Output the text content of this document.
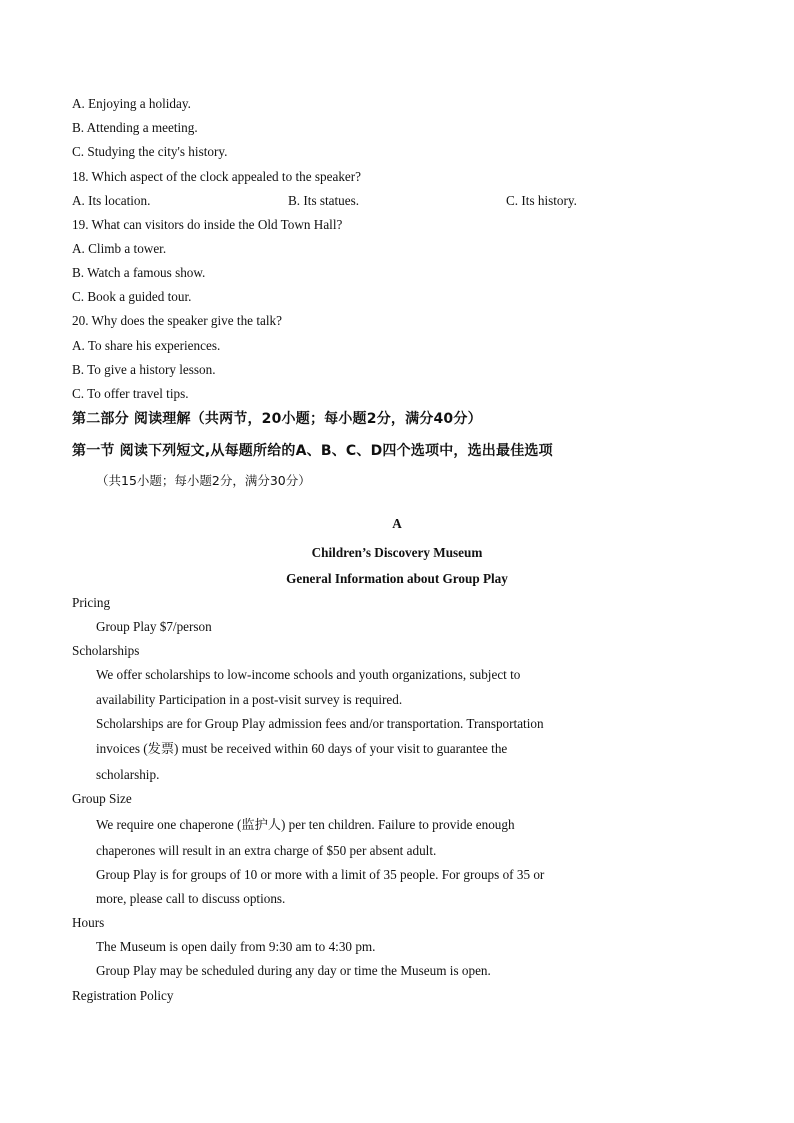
A. Enjoying a holiday.
B. Attending a meeting.
C. Studying the city's history.
18. Which aspect of the clock appealed to the speaker?
A. Its location.	B. Its statues.	C. Its history.
19. What can visitors do inside the Old Town Hall?
A. Climb a tower.
B. Watch a famous show.
C. Book a guided tour.
20. Why does the speaker give the talk?
A. To share his experiences.
B. To give a history lesson.
C. To offer travel tips.
第二部分 阅读理解（共两节，20小题；每小题2分，满分40分）
第一节 阅读下列短文,从每题所给的A、B、C、D四个选项中，选出最佳选项
（共15小题；每小题2分，满分30分）
A
Children’s Discovery Museum
General Information about Group Play
Pricing
Group Play $7/person
Scholarships
We offer scholarships to low-income schools and youth organizations, subject to
availability Participation in a post-visit survey is required.
Scholarships are for Group Play admission fees and/or transportation. Transportation
invoices (发票) must be received within 60 days of your visit to guarantee the
scholarship.
Group Size
We require one chaperone (监护人) per ten children. Failure to provide enough
chaperones will result in an extra charge of $50 per absent adult.
Group Play is for groups of 10 or more with a limit of 35 people. For groups of 35 or
more, please call to discuss options.
Hours
The Museum is open daily from 9:30 am to 4:30 pm.
Group Play may be scheduled during any day or time the Museum is open.
Registration Policy
